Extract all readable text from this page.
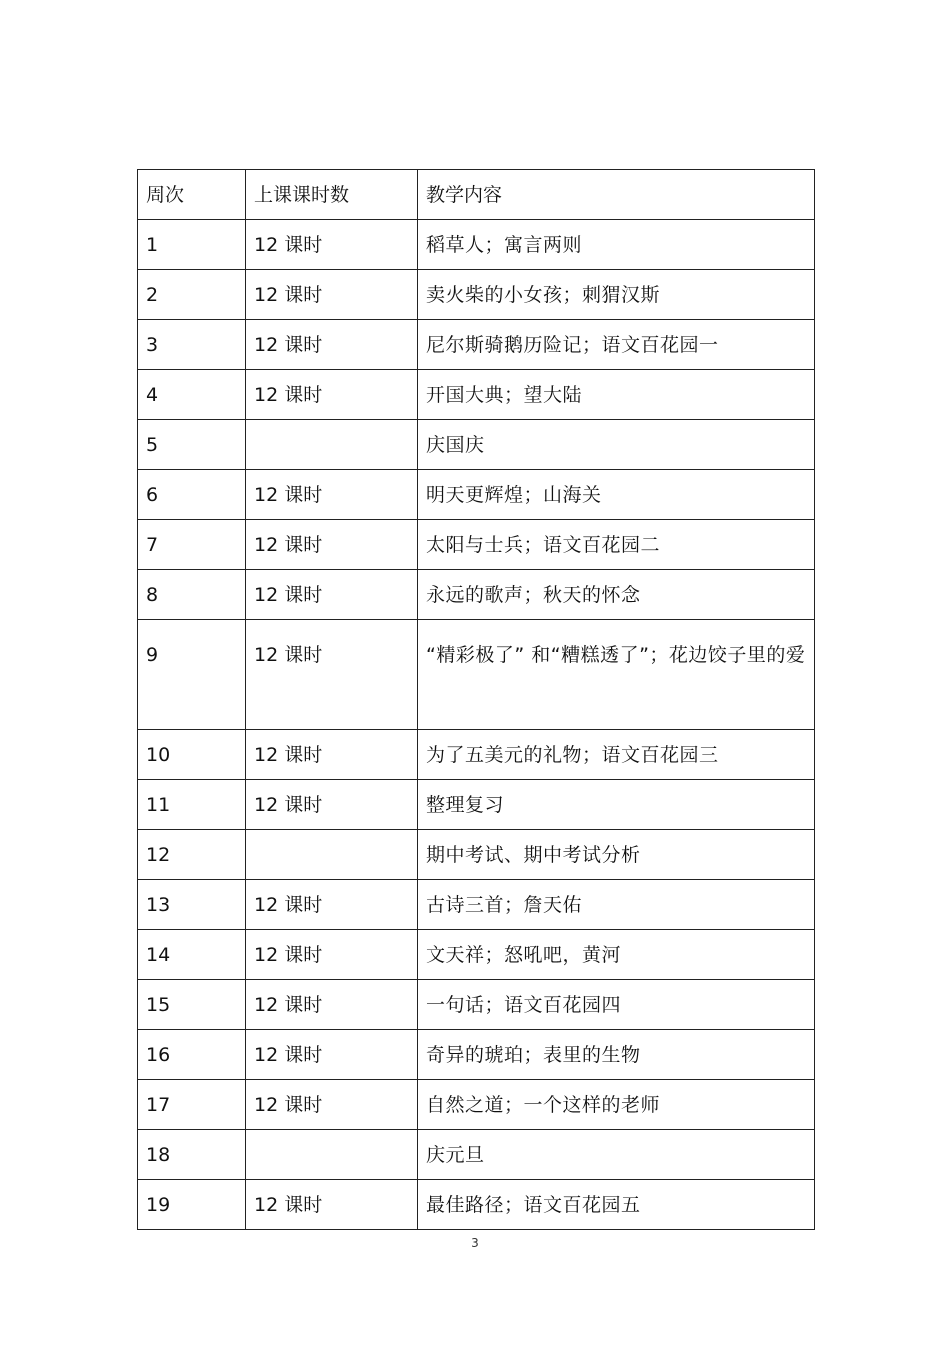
周次	上课课时数	教学内容
1	12 课时	稻草人；寓言两则
2	12 课时	卖火柴的小女孩；刺猬汉斯
3	12 课时	尼尔斯骑鹅历险记；语文百花园一
4	12 课时	开国大典；望大陆
5		庆国庆
6	12 课时	明天更辉煌；山海关
7	12 课时	太阳与士兵；语文百花园二
8	12 课时	永远的歌声；秋天的怀念
9	12 课时	“精彩极了” 和“糟糕透了”；花边饺子里的爱
10	12 课时	为了五美元的礼物；语文百花园三
11	12 课时	整理复习
12		期中考试、期中考试分析
13	12 课时	古诗三首；詹天佑
14	12 课时	文天祥；怒吼吧，黄河
15	12 课时	一句话；语文百花园四
16	12 课时	奇异的琥珀；表里的生物
17	12 课时	自然之道；一个这样的老师
18		庆元旦
19	12 课时	最佳路径；语文百花园五
3
